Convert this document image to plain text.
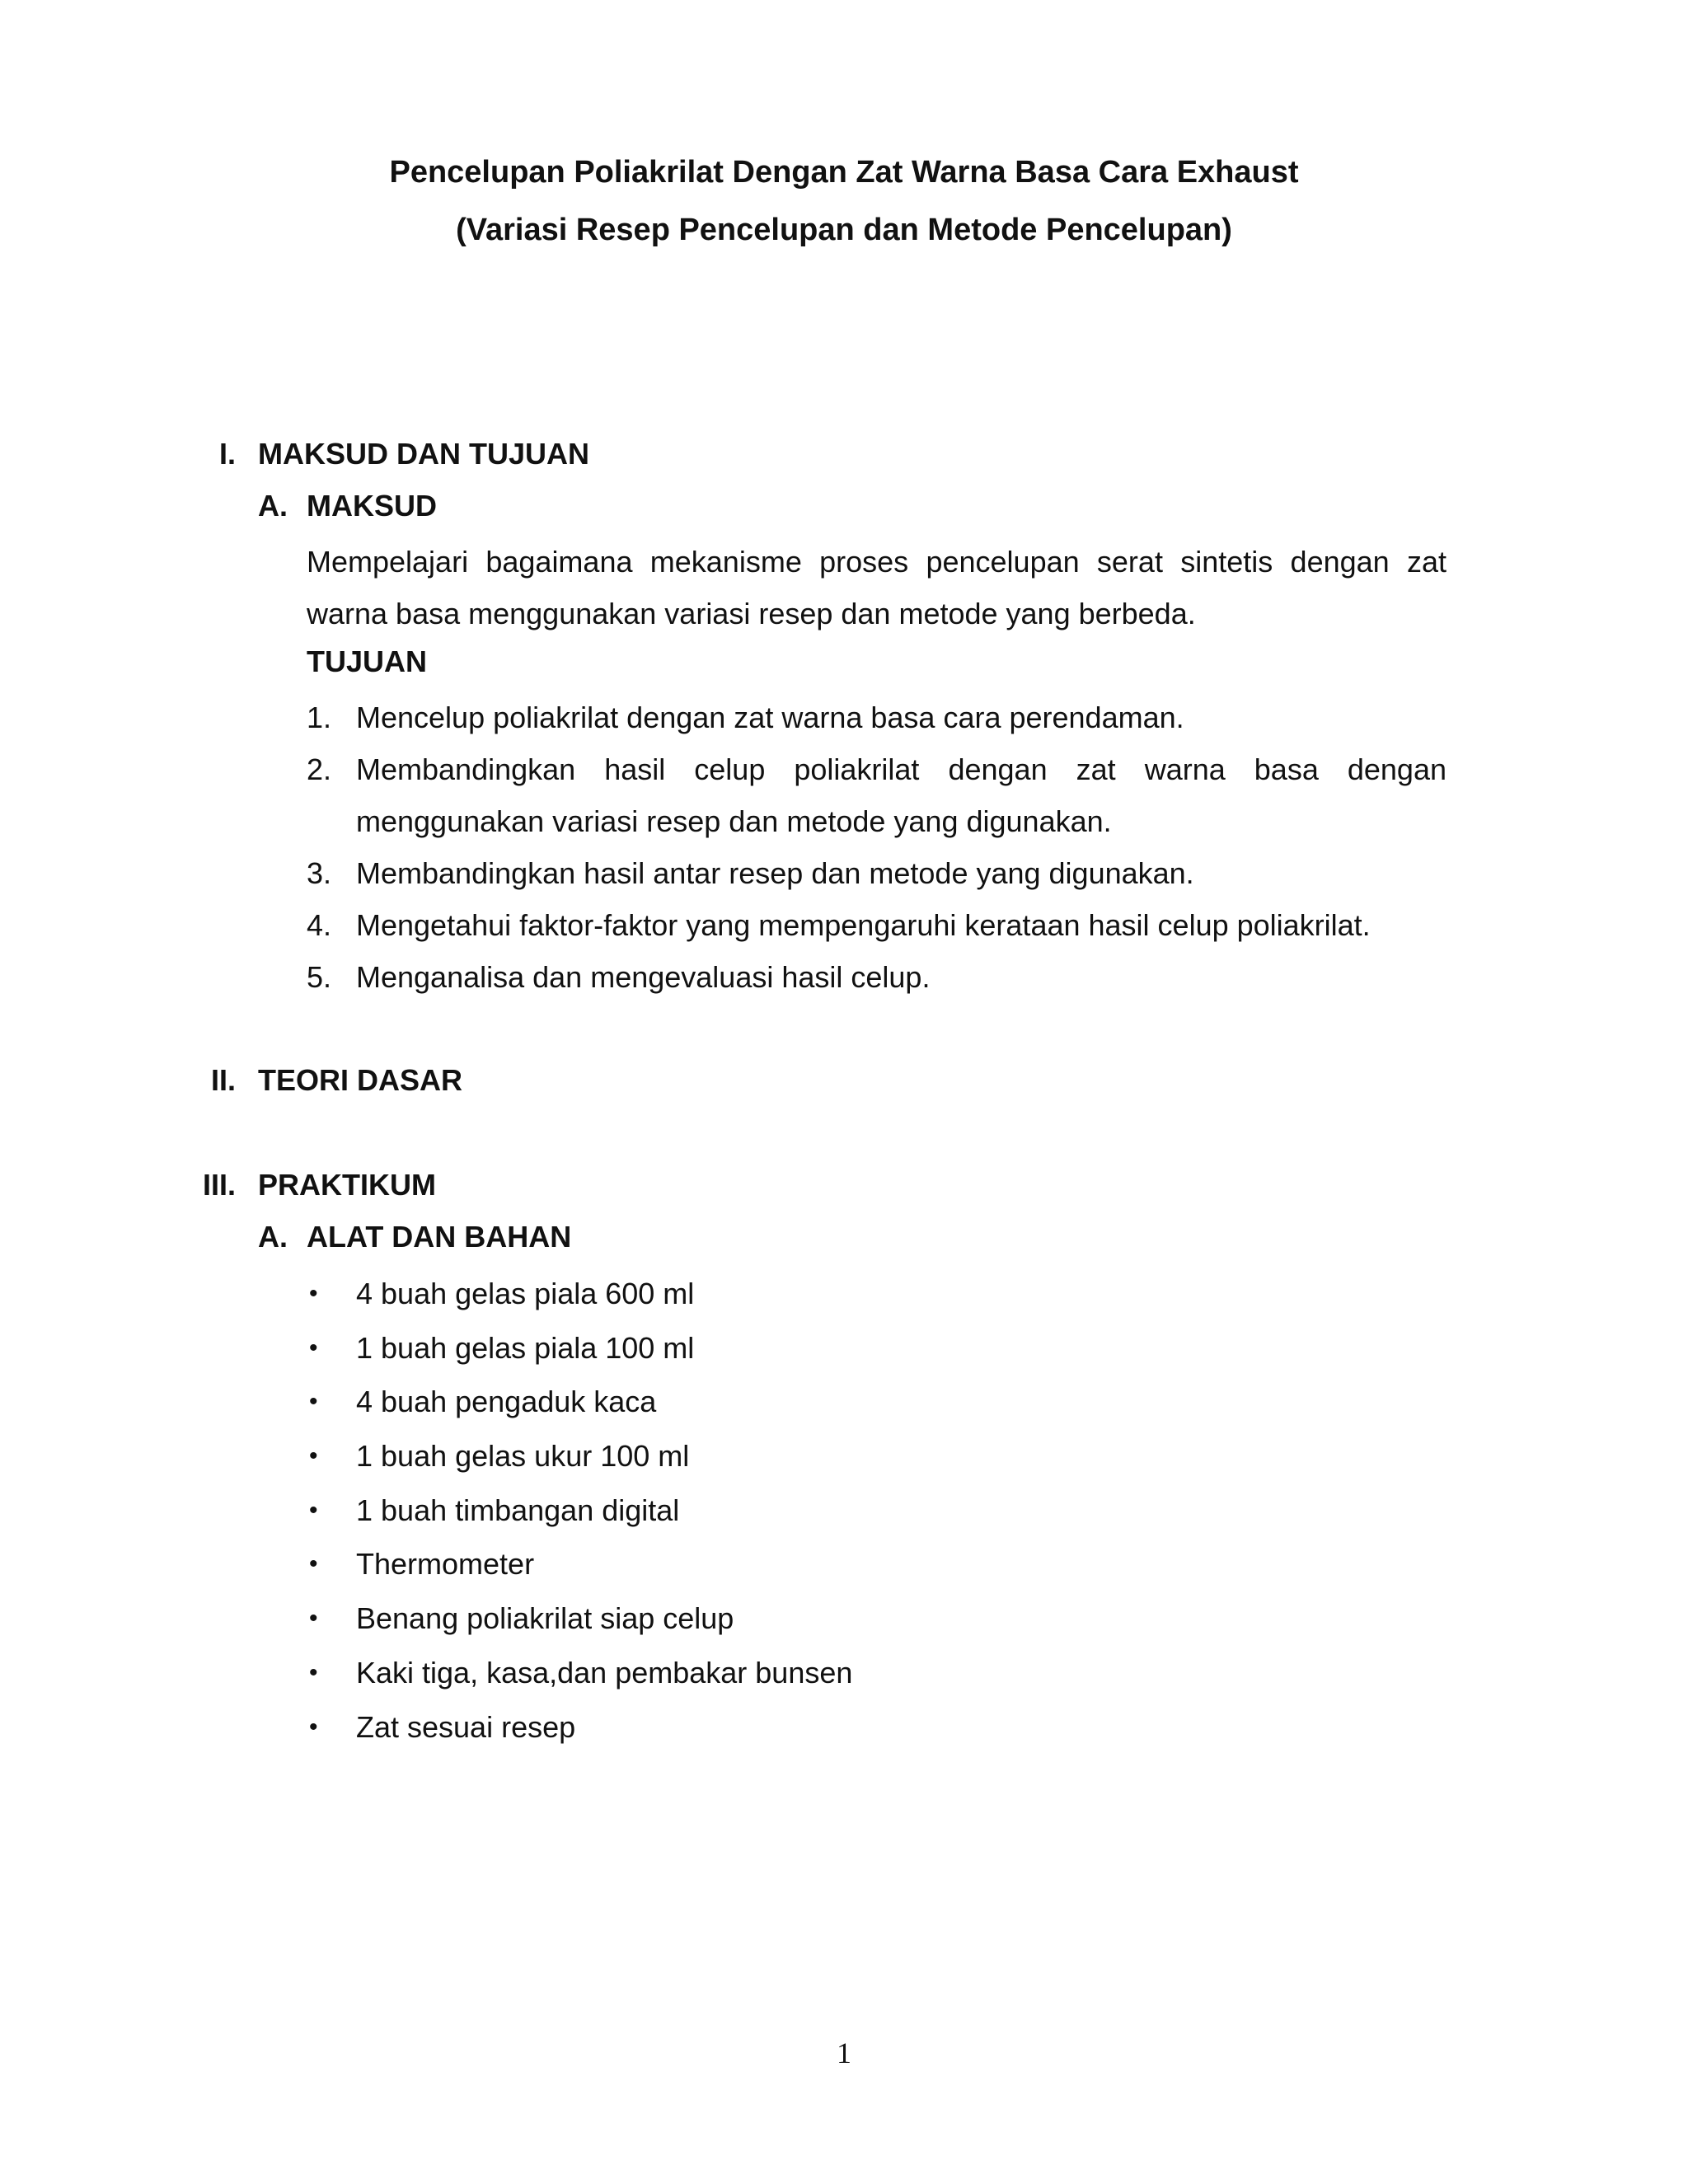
Pencelupan Poliakrilat Dengan Zat Warna Basa Cara Exhaust
(Variasi Resep Pencelupan dan Metode Pencelupan)
I. MAKSUD DAN TUJUAN
A. MAKSUD
Mempelajari bagaimana mekanisme proses pencelupan serat sintetis dengan zat warna basa menggunakan variasi resep dan metode yang berbeda.
TUJUAN
1. Mencelup poliakrilat dengan zat warna basa cara perendaman.
2. Membandingkan hasil celup poliakrilat dengan zat warna basa dengan menggunakan variasi resep dan metode yang digunakan.
3. Membandingkan hasil antar resep dan metode yang digunakan.
4. Mengetahui faktor-faktor yang mempengaruhi kerataan hasil celup poliakrilat.
5. Menganalisa dan mengevaluasi hasil celup.
II. TEORI DASAR
III. PRAKTIKUM
A. ALAT DAN BAHAN
• 4 buah gelas piala 600 ml
• 1 buah gelas piala 100 ml
• 4 buah pengaduk kaca
• 1 buah gelas ukur 100 ml
• 1 buah timbangan digital
• Thermometer
• Benang poliakrilat siap celup
• Kaki tiga, kasa,dan pembakar bunsen
• Zat sesuai resep
1
